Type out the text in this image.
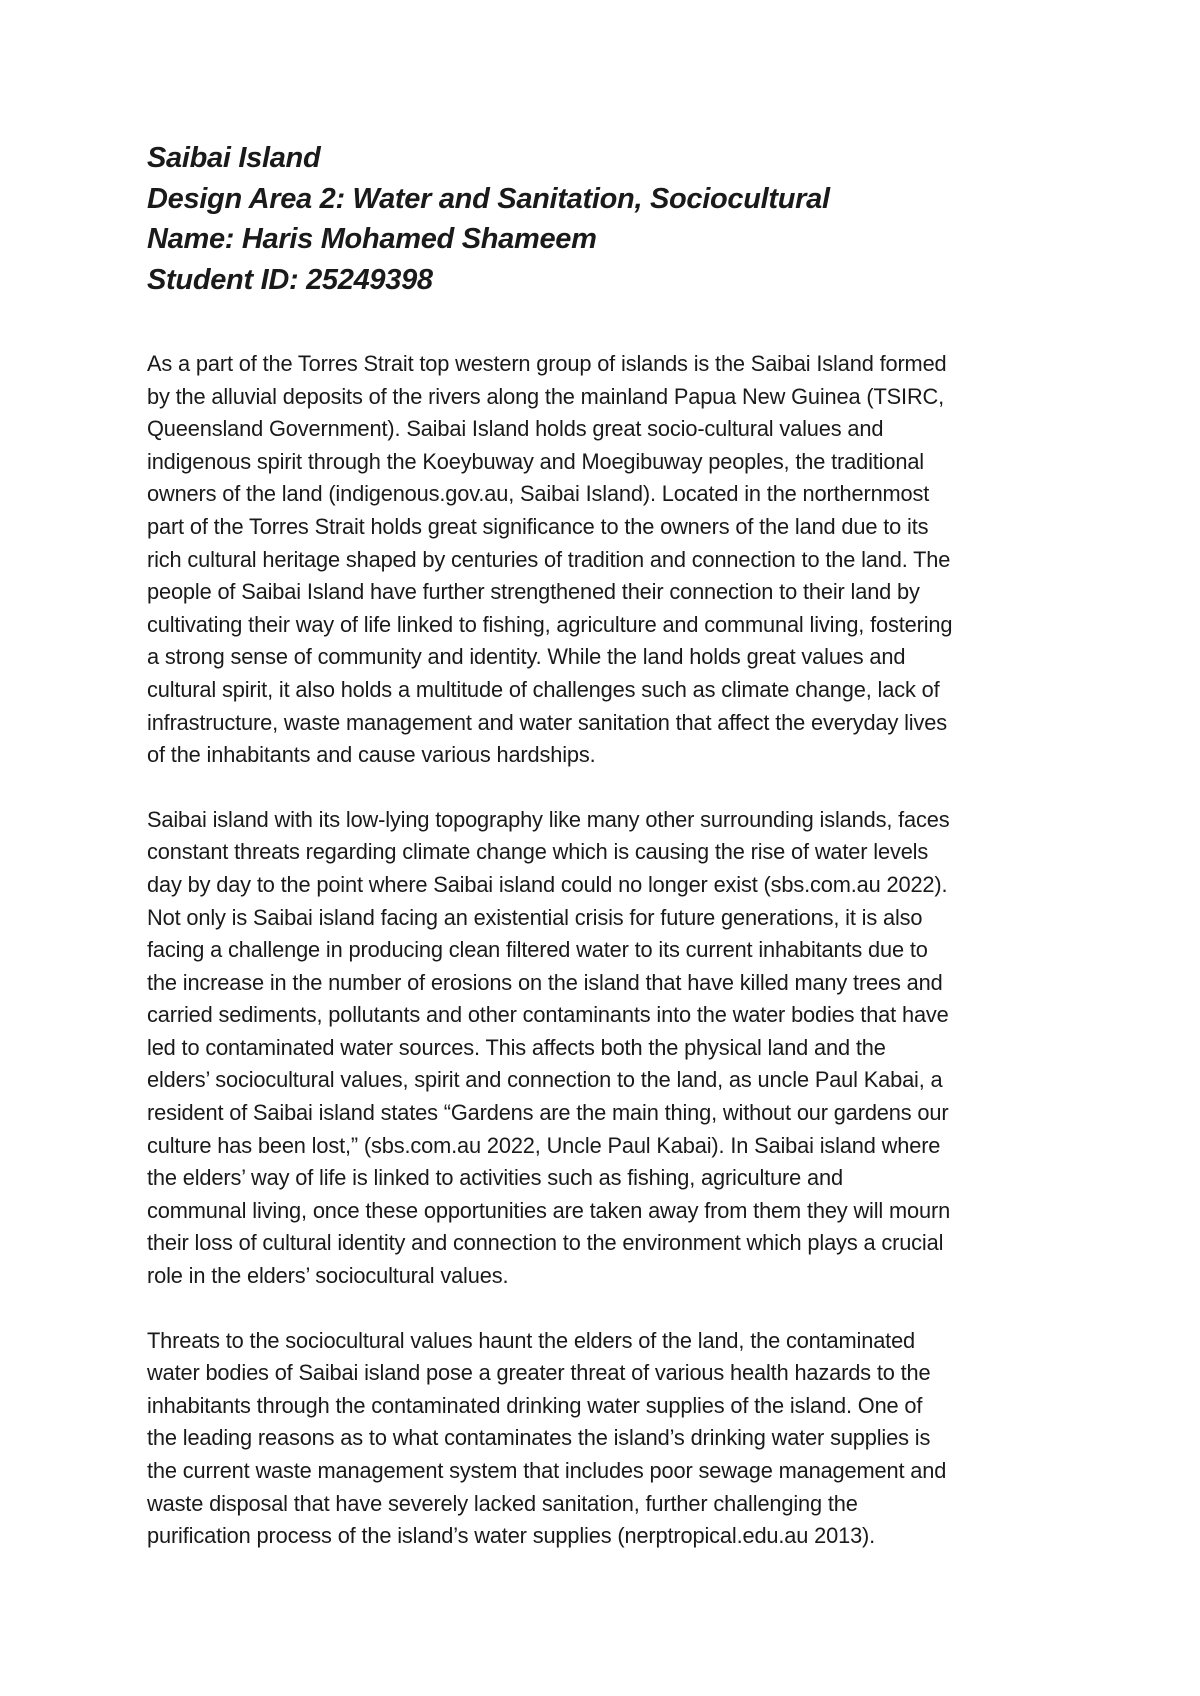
Saibai Island

Design Area 2: Water and Sanitation, Sociocultural

Name: Haris Mohamed Shameem

Student ID: 25249398

As a part of the Torres Strait top western group of islands is the Saibai Island formed
by the alluvial deposits of the rivers along the mainland Papua New Guinea (TSIRC,
Queensland Government). Saibai Island holds great socio-cultural values and
indigenous spirit through the Koeybuway and Moegibuway peoples, the traditional
owners of the land (indigenous.gov.au, Saibai Island). Located in the northernmost
part of the Torres Strait holds great significance to the owners of the land due to its
rich cultural heritage shaped by centuries of tradition and connection to the land. The
people of Saibai Island have further strengthened their connection to their land by
cultivating their way of life linked to fishing, agriculture and communal living, fostering
a strong sense of community and identity. While the land holds great values and
cultural spirit, it also holds a multitude of challenges such as climate change, lack of
infrastructure, waste management and water sanitation that affect the everyday lives
of the inhabitants and cause various hardships.
Saibai island with its low-lying topography like many other surrounding islands, faces
constant threats regarding climate change which is causing the rise of water levels
day by day to the point where Saibai island could no longer exist (sbs.com.au 2022).
Not only is Saibai island facing an existential crisis for future generations, it is also
facing a challenge in producing clean filtered water to its current inhabitants due to
the increase in the number of erosions on the island that have killed many trees and
carried sediments, pollutants and other contaminants into the water bodies that have
led to contaminated water sources. This affects both the physical land and the
elders’ sociocultural values, spirit and connection to the land, as uncle Paul Kabai, a
resident of Saibai island states “Gardens are the main thing, without our gardens our
culture has been lost,” (sbs.com.au 2022, Uncle Paul Kabai). In Saibai island where
the elders’ way of life is linked to activities such as fishing, agriculture and
communal living, once these opportunities are taken away from them they will mourn
their loss of cultural identity and connection to the environment which plays a crucial
role in the elders’ sociocultural values.
Threats to the sociocultural values haunt the elders of the land, the contaminated
water bodies of Saibai island pose a greater threat of various health hazards to the
inhabitants through the contaminated drinking water supplies of the island. One of
the leading reasons as to what contaminates the island’s drinking water supplies is
the current waste management system that includes poor sewage management and
waste disposal that have severely lacked sanitation, further challenging the
purification process of the island’s water supplies (nerptropical.edu.au 2013).
